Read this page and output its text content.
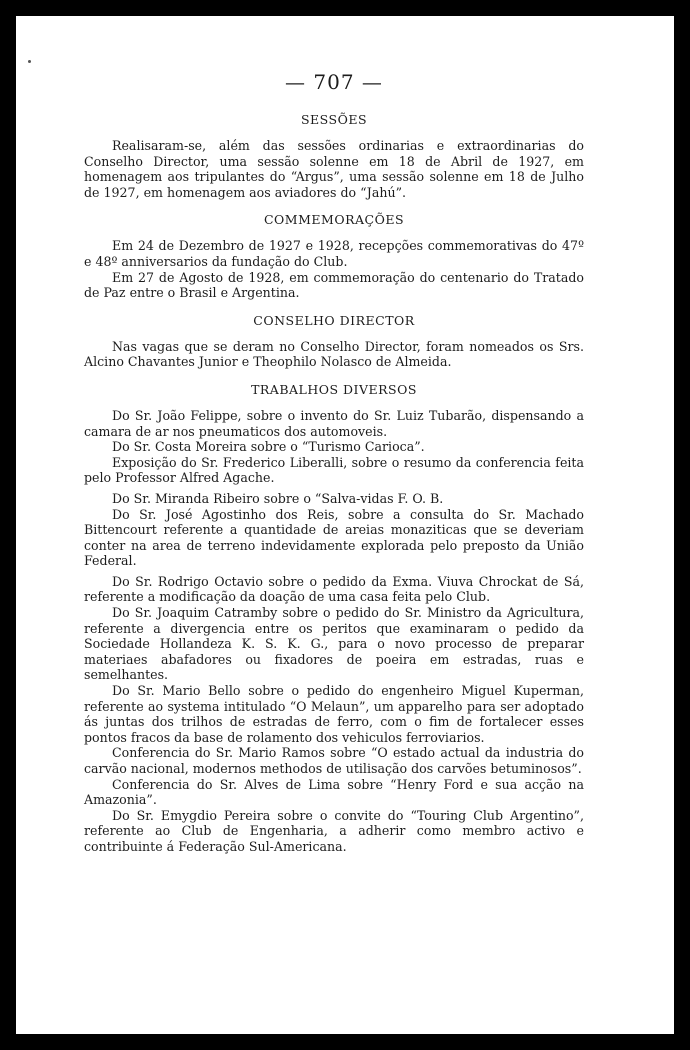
— 707 —
SESSÕES

Realisaram-se, além das sessões ordinarias e extraordinarias do Conselho Director, uma sessão solenne em 18 de Abril de 1927, em homenagem aos tripulantes do “Argus”, uma sessão solenne em 18 de Julho de 1927, em homenagem aos aviadores do “Jahú”.

COMMEMORAÇÕES

Em 24 de Dezembro de 1927 e 1928, recepções commemorativas do 47º e 48º anniversarios da fundação do Club.

Em 27 de Agosto de 1928, em commemoração do centenario do Tratado de Paz entre o Brasil e Argentina.

CONSELHO DIRECTOR

Nas vagas que se deram no Conselho Director, foram nomeados os Srs. Alcino Chavantes Junior e Theophilo Nolasco de Almeida.

TRABALHOS DIVERSOS

Do Sr. João Felippe, sobre o invento do Sr. Luiz Tubarão, dispensando a camara de ar nos pneumaticos dos automoveis.

Do Sr. Costa Moreira sobre o “Turismo Carioca”.

Exposição do Sr. Frederico Liberalli, sobre o resumo da conferencia feita pelo Professor Alfred Agache.

Do Sr. Miranda Ribeiro sobre o “Salva-vidas F. O. B.

Do Sr. José Agostinho dos Reis, sobre a consulta do Sr. Machado Bittencourt referente a quantidade de areias monaziticas que se deveriam conter na area de terreno indevidamente explorada pelo preposto da União Federal.

Do Sr. Rodrigo Octavio sobre o pedido da Exma. Viuva Chrockat de Sá, referente a modificação da doação de uma casa feita pelo Club.

Do Sr. Joaquim Catramby sobre o pedido do Sr. Ministro da Agricultura, referente a divergencia entre os peritos que examinaram o pedido da Sociedade Hollandeza K. S. K. G., para o novo processo de preparar materiaes abafadores ou fixadores de poeira em estradas, ruas e semelhantes.

Do Sr. Mario Bello sobre o pedido do engenheiro Miguel Kuperman, referente ao systema intitulado “O Melaun”, um apparelho para ser adoptado ás juntas dos trilhos de estradas de ferro, com o fim de fortalecer esses pontos fracos da base de rolamento dos vehiculos ferroviarios.

Conferencia do Sr. Mario Ramos sobre “O estado actual da industria do carvão nacional, modernos methodos de utilisação dos carvões betuminosos”.

Conferencia do Sr. Alves de Lima sobre “Henry Ford e sua acção na Amazonia”.

Do Sr. Emygdio Pereira sobre o convite do “Touring Club Argentino”, referente ao Club de Engenharia, a adherir como membro activo e contribuinte á Federação Sul-Americana.
